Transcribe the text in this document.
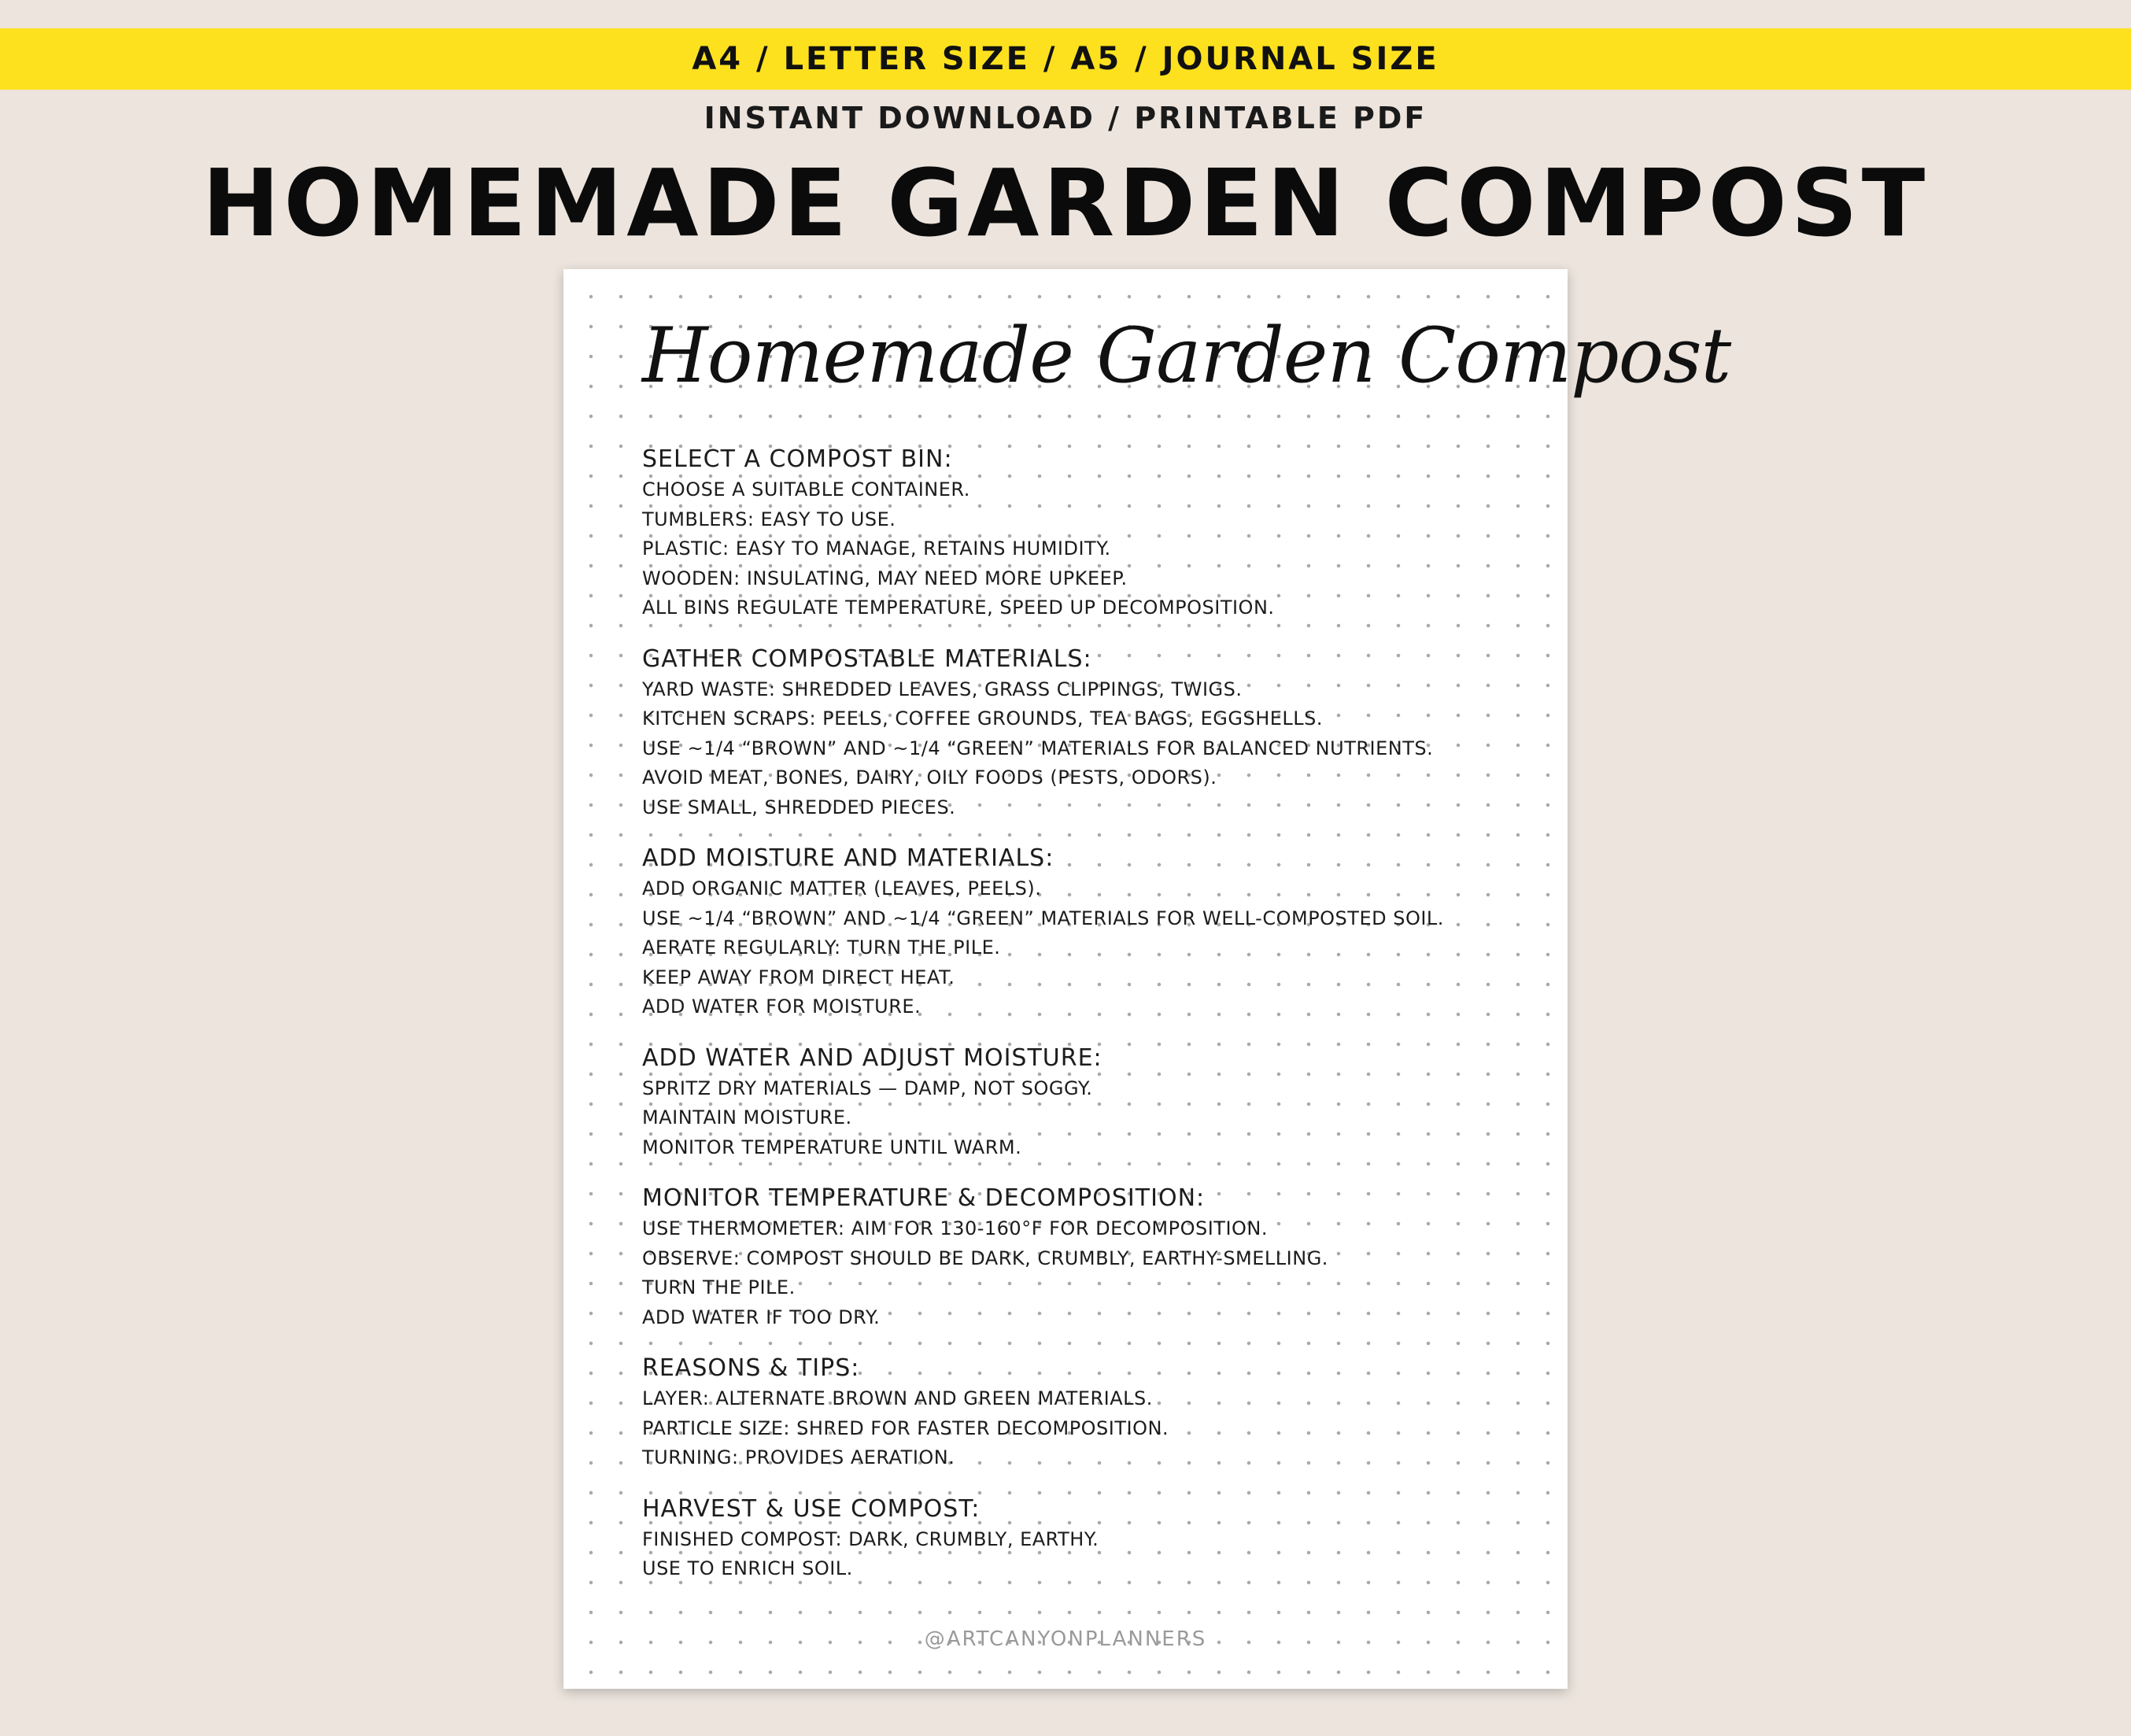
A4 / LETTER SIZE / A5 / JOURNAL SIZE
INSTANT DOWNLOAD / PRINTABLE PDF
HOMEMADE GARDEN COMPOST
Homemade Garden Compost
SELECT A COMPOST BIN:
CHOOSE A SUITABLE CONTAINER.
TUMBLERS: EASY TO USE.
PLASTIC: EASY TO MANAGE, RETAINS HUMIDITY.
WOODEN: INSULATING, MAY NEED MORE UPKEEP.
ALL BINS REGULATE TEMPERATURE, SPEED UP DECOMPOSITION.
GATHER COMPOSTABLE MATERIALS:
YARD WASTE: SHREDDED LEAVES, GRASS CLIPPINGS, TWIGS.
KITCHEN SCRAPS: PEELS, COFFEE GROUNDS, TEA BAGS, EGGSHELLS.
USE ~1/4 “BROWN” AND ~1/4 “GREEN” MATERIALS FOR BALANCED NUTRIENTS.
AVOID MEAT, BONES, DAIRY, OILY FOODS (PESTS, ODORS).
USE SMALL, SHREDDED PIECES.
ADD MOISTURE AND MATERIALS:
ADD ORGANIC MATTER (LEAVES, PEELS).
USE ~1/4 “BROWN” AND ~1/4 “GREEN” MATERIALS FOR WELL-COMPOSTED SOIL.
AERATE REGULARLY: TURN THE PILE.
KEEP AWAY FROM DIRECT HEAT.
ADD WATER FOR MOISTURE.
ADD WATER AND ADJUST MOISTURE:
SPRITZ DRY MATERIALS — DAMP, NOT SOGGY.
MAINTAIN MOISTURE.
MONITOR TEMPERATURE UNTIL WARM.
MONITOR TEMPERATURE & DECOMPOSITION:
USE THERMOMETER: AIM FOR 130-160°F FOR DECOMPOSITION.
OBSERVE: COMPOST SHOULD BE DARK, CRUMBLY, EARTHY-SMELLING.
TURN THE PILE.
ADD WATER IF TOO DRY.
REASONS & TIPS:
LAYER: ALTERNATE BROWN AND GREEN MATERIALS.
PARTICLE SIZE: SHRED FOR FASTER DECOMPOSITION.
TURNING: PROVIDES AERATION.
HARVEST & USE COMPOST:
FINISHED COMPOST: DARK, CRUMBLY, EARTHY.
USE TO ENRICH SOIL.
@ARTCANYONPLANNERS
